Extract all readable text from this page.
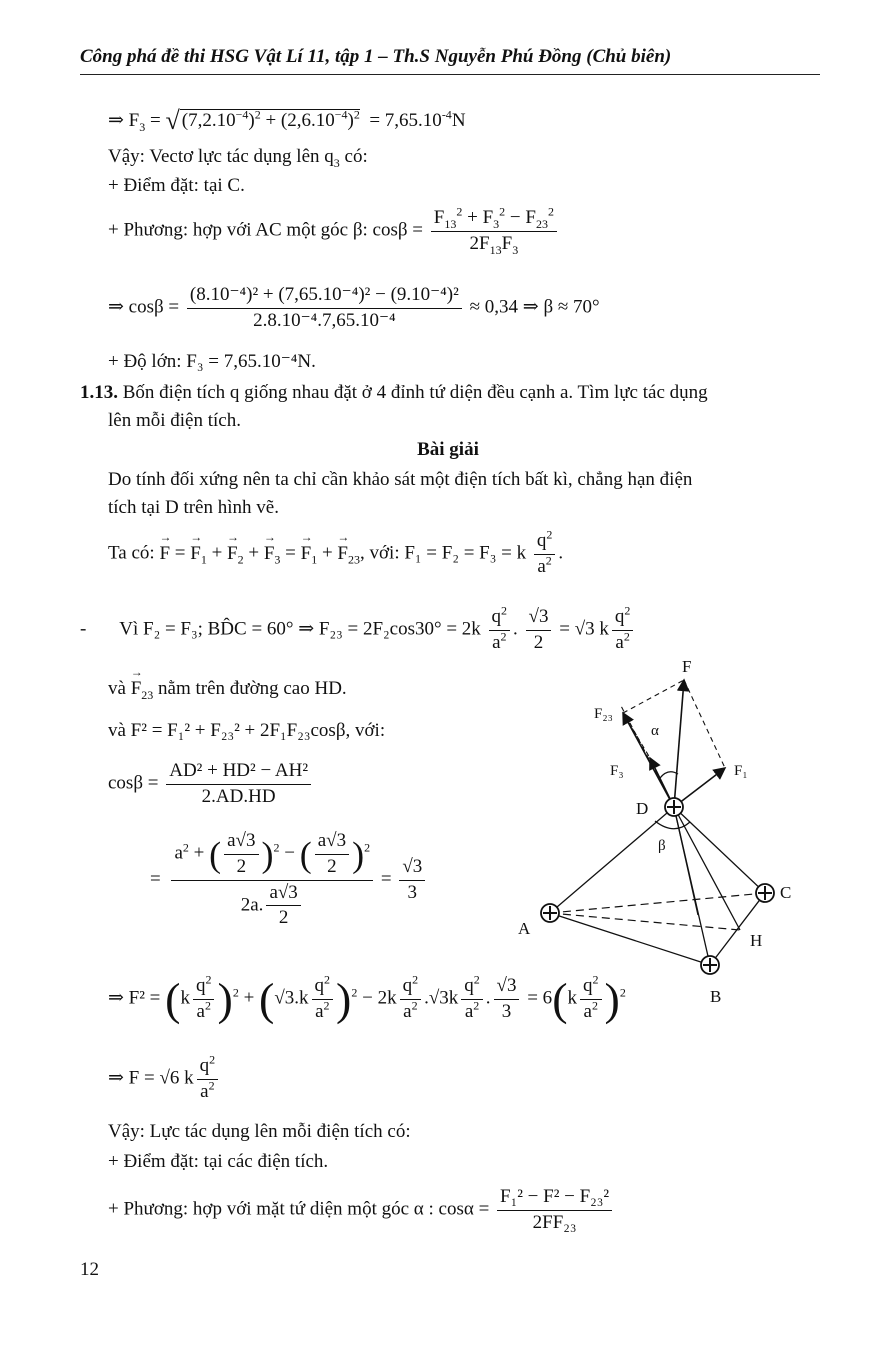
Công phá đề thi HSG Vật Lí 11, tập 1 – Th.S Nguyễn Phú Đồng (Chủ biên)
⇒ $F_3$ = √ $(7,2.10^{-4})^2 + (2,6.10^{-4})^2 = 7,65.10^{-4}N$
Vậy: Vectơ lực tác dụng lên $q_3$ có:
+ Điểm đặt: tại C.
+ Phương: hợp với AC một góc β: $\cos\beta = \frac{F_{13}^2 + F_3^2 - F_{23}^2}{2F_{13}F_3}$
⇒ $\cos\beta = \frac{\text{(8.10⁻⁴)² + (7,65.10⁻⁴)² − (9.10⁻⁴)²}}{\text{2.8.10⁻⁴.7,65.10⁻⁴}} \approx 0,34$ ⇒ β ≈ 70°
+ Độ lớn: F₃ = 7,65.10⁻⁴N.
1.13. Bốn điện tích q giống nhau đặt ở 4 đỉnh tứ diện đều cạnh a. Tìm lực tác dụng
lên mỗi điện tích.
Bài giải
Do tính đối xứng nên ta chỉ cần khảo sát một điện tích bất kì, chẳng hạn điện
tích tại D trên hình vẽ.
Ta có: → F = → $F_1$ + → $F_2$ + → $F_3$ = → $F_1$ + → $F_{23}$, với: F₁ = F₂ = F₃ = k $\frac{q^2}{a^2}$ .
- Vì F₂ = F₃; BD̂C = 60° ⇒ $F_{23} = 2F_2\cos 30^\circ = 2k \frac{q^2}{a^2}$ . $\frac{√3}{2} = √3$ k $\frac{q^2}{a^2}$
và → $F_{23}$ nằm trên đường cao HD.
và F² = F₁² + F₂₃² + 2F₁F₂₃cosβ, với:
$\cos\beta = \frac{\text{AD² + HD² − AH²}}{2.AD.HD}$
= $\frac{a^2 + ( \frac{a√3}{2} )^2 - ( \frac{a√3}{2} )^2}{2a. \frac{a√3}{2}} = \frac{√3}{3}$
⇒ $F^2 = (k \frac{q^2}{a^2} )^2 + (√3.k \frac{q^2}{a^2} )^2 - 2k \frac{q^2}{a^2} .√3k \frac{q^2}{a^2}$ . $\frac{√3}{3} = 6(k \frac{q^2}{a^2} )^2$
⇒ F = √6 k $\frac{q^2}{a^2}$
Vậy: Lực tác dụng lên mỗi điện tích có:
+ Điểm đặt: tại các điện tích.
+ Phương: hợp với mặt tứ diện một góc α : $\cos\alpha = \frac{\text{F₁² − F² − F₂₃²}}{\text{2FF₂₃}}$
12
F
F₂₃
F₃	F₁
α
β
D
A
B
C
H
